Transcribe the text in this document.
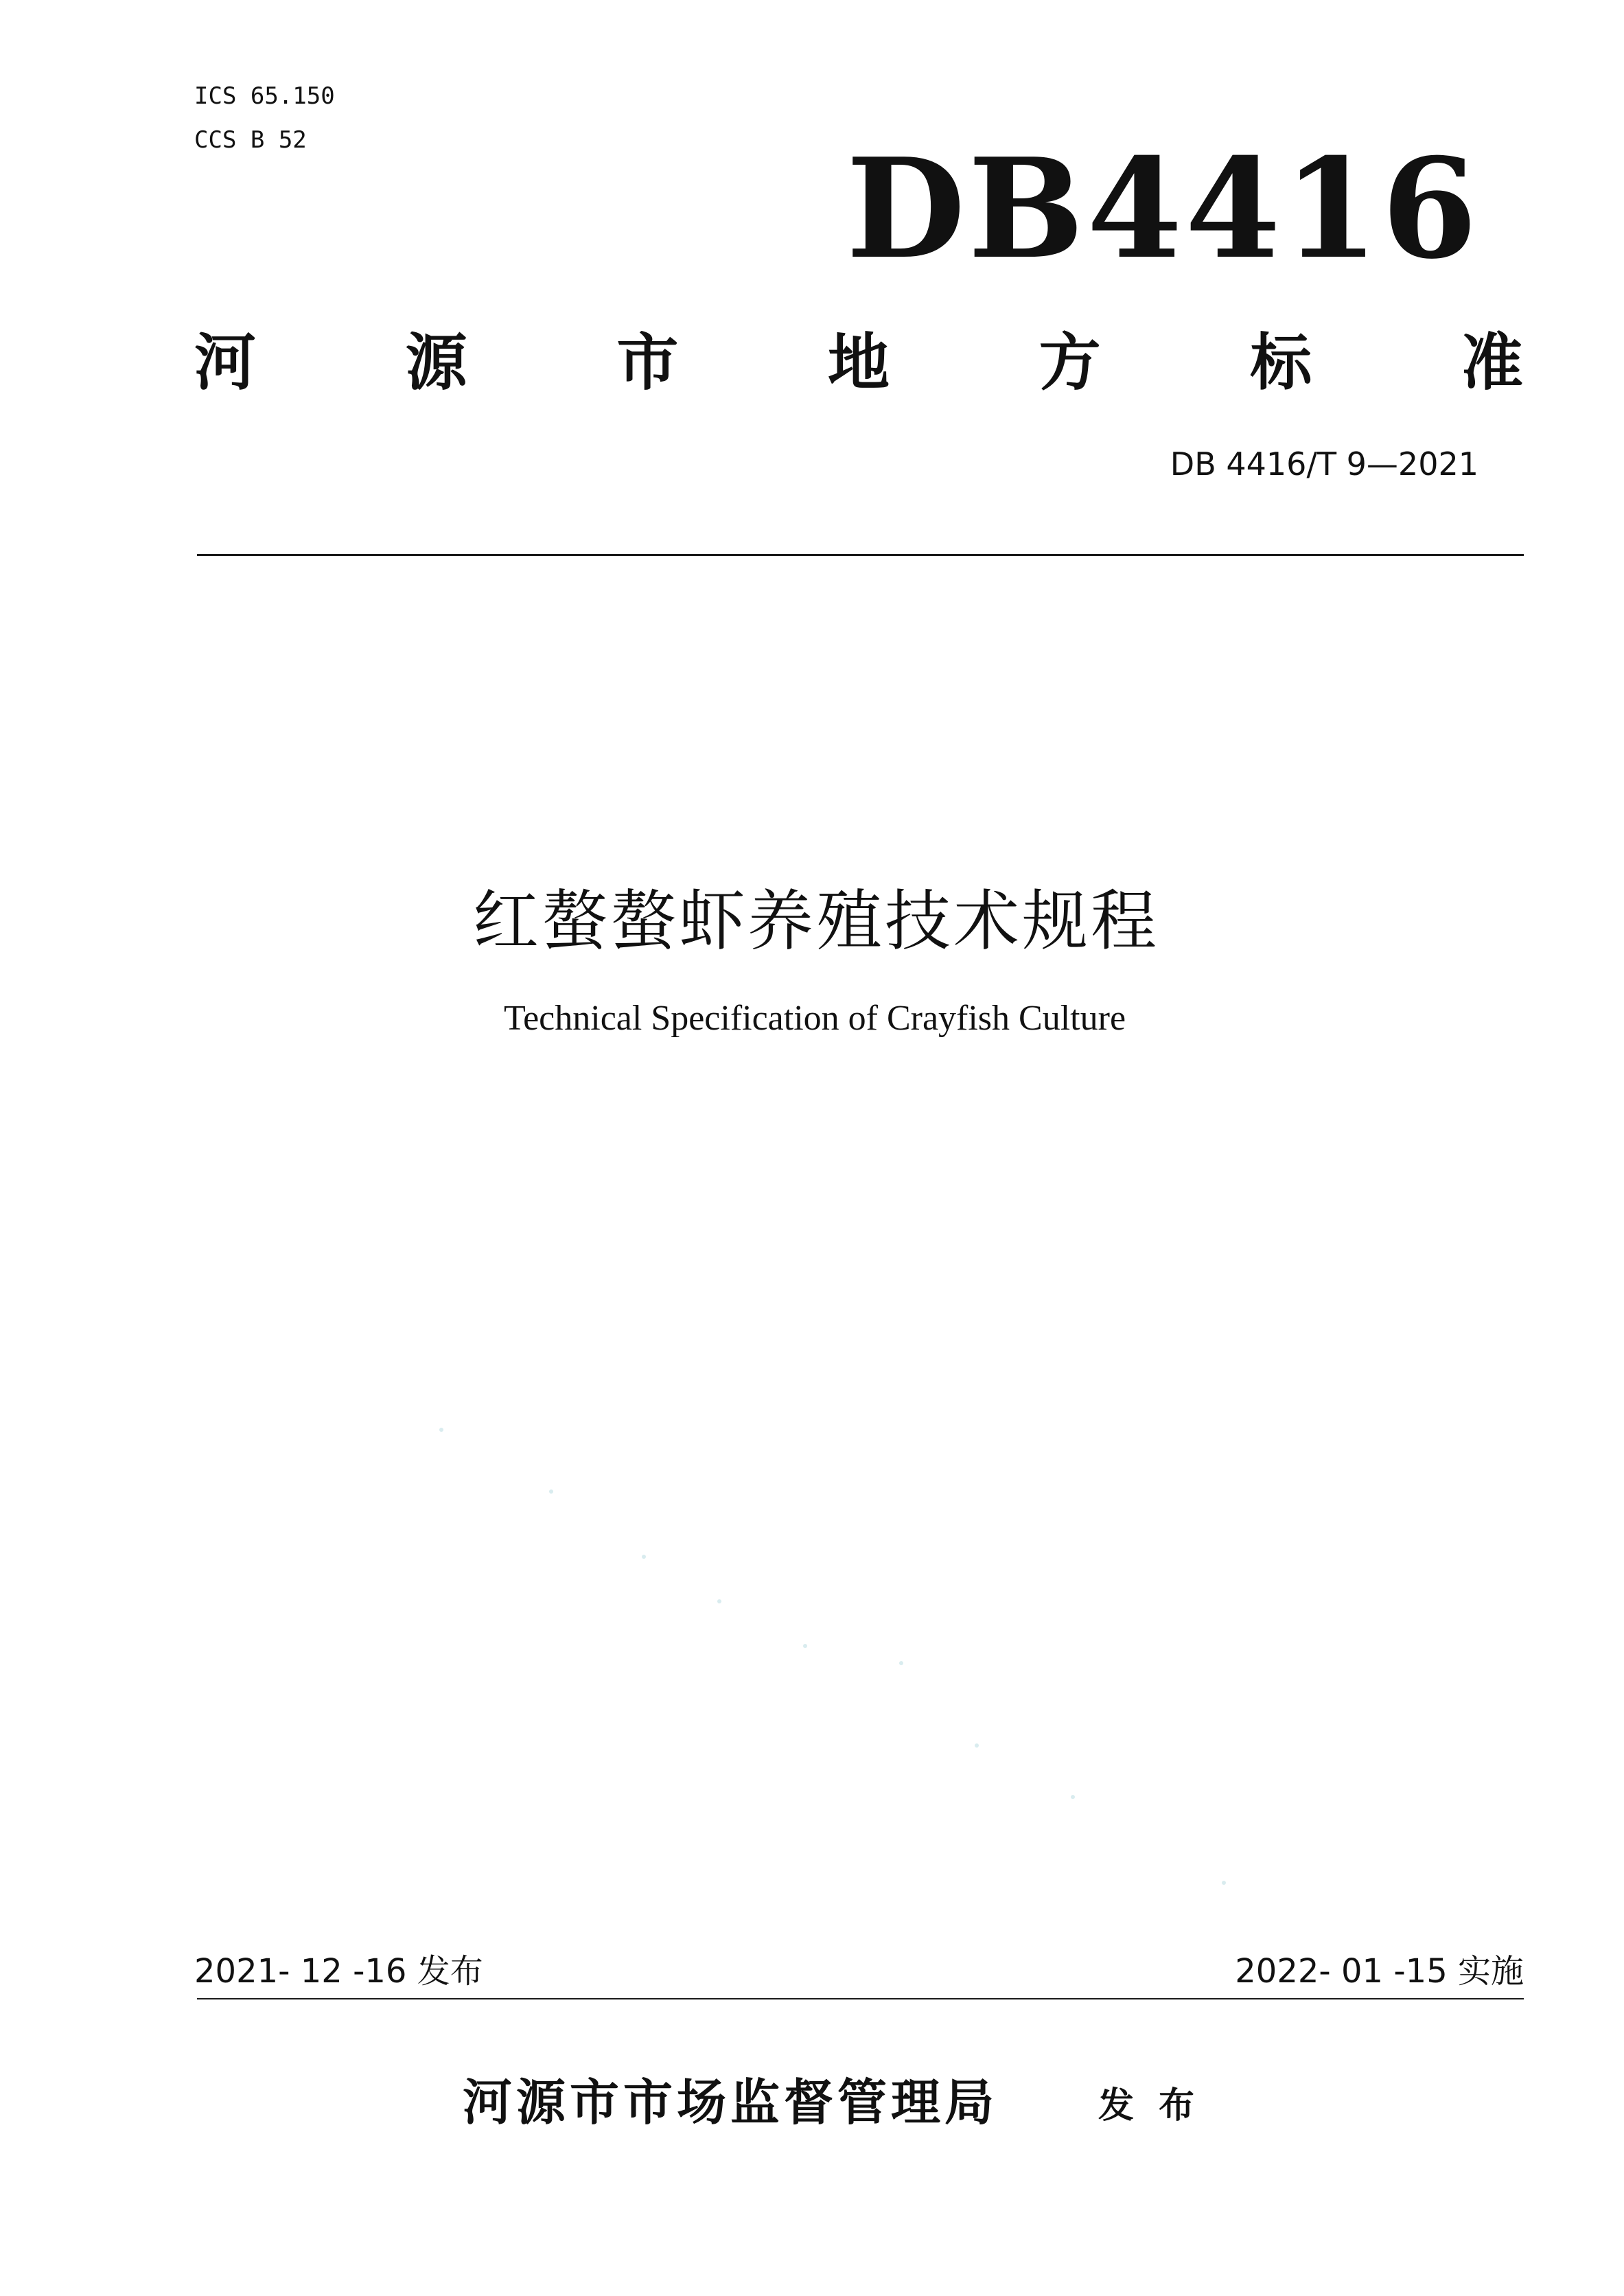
ICS 65.150
CCS B 52	DB4416
河 源 市 地 方 标 准
DB 4416/T 9—2021
红螯螯虾养殖技术规程
Technical Specification of Crayfish Culture
2021- 12 -16 发布	2022- 01 -15 实施
河源市市场监督管理局	发布
